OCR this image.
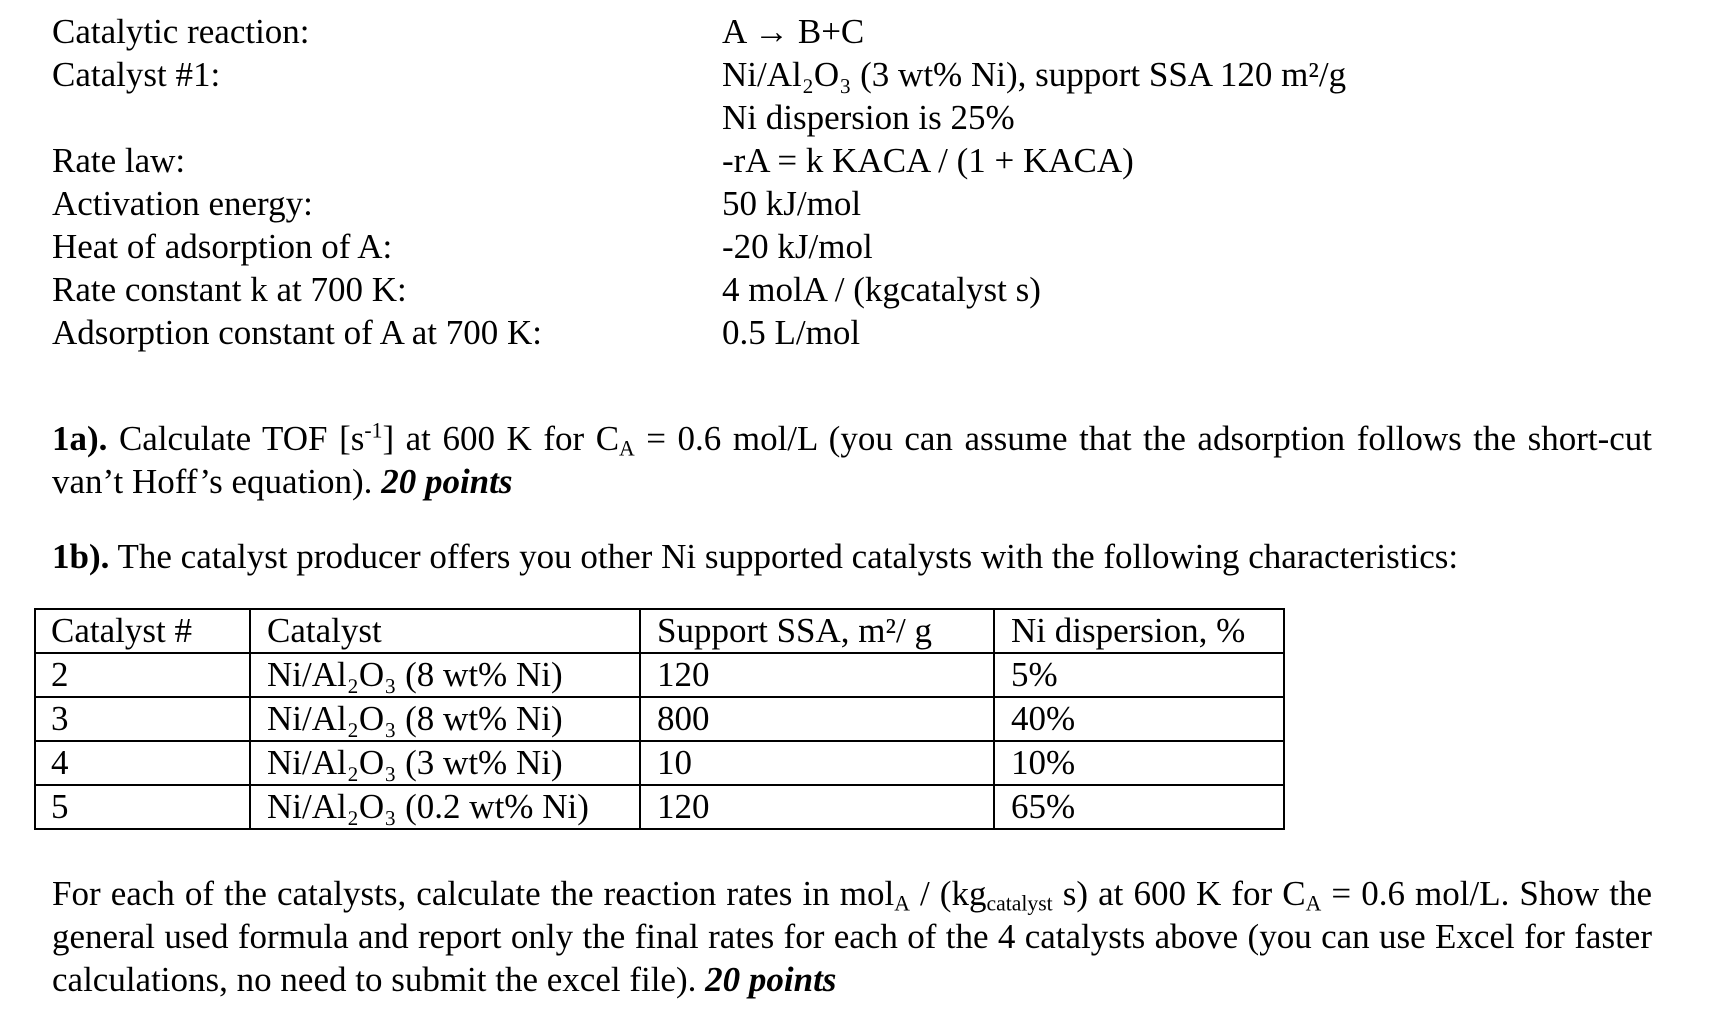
Catalytic reaction:	A → B+C
Catalyst #1:	Ni/Al₂O₃ (3 wt% Ni), support SSA 120 m²/g
Ni dispersion is 25%
Rate law:	-rA = k KACA / (1 + KACA)
Activation energy:	50 kJ/mol
Heat of adsorption of A:	-20 kJ/mol
Rate constant k at 700 K:	4 molA / (kgcatalyst s)
Adsorption constant of A at 700 K:	0.5 L/mol
1a). Calculate TOF $[s^{-1}]$ at 600 K for $C_A = 0.6$ mol/L (you can assume that the adsorption follows the short-cut van’t Hoff’s equation). 20 points
1b). The catalyst producer offers you other Ni supported catalysts with the following characteristics:
Catalyst #	Catalyst	Support SSA, m²/ g	Ni dispersion, %
2	Ni/Al₂O₃ (8 wt% Ni)	120	5%
3	Ni/Al₂O₃ (8 wt% Ni)	800	40%
4	Ni/Al₂O₃ (3 wt% Ni)	10	10%
5	Ni/Al₂O₃ (0.2 wt% Ni)	120	65%
For each of the catalysts, calculate the reaction rates in $mol_A / (kg_{catalyst}$ s) at 600 K for $C_A = 0.6$ mol/L. Show the general used formula and report only the final rates for each of the 4 catalysts above (you can use Excel for faster calculations, no need to submit the excel file). 20 points
